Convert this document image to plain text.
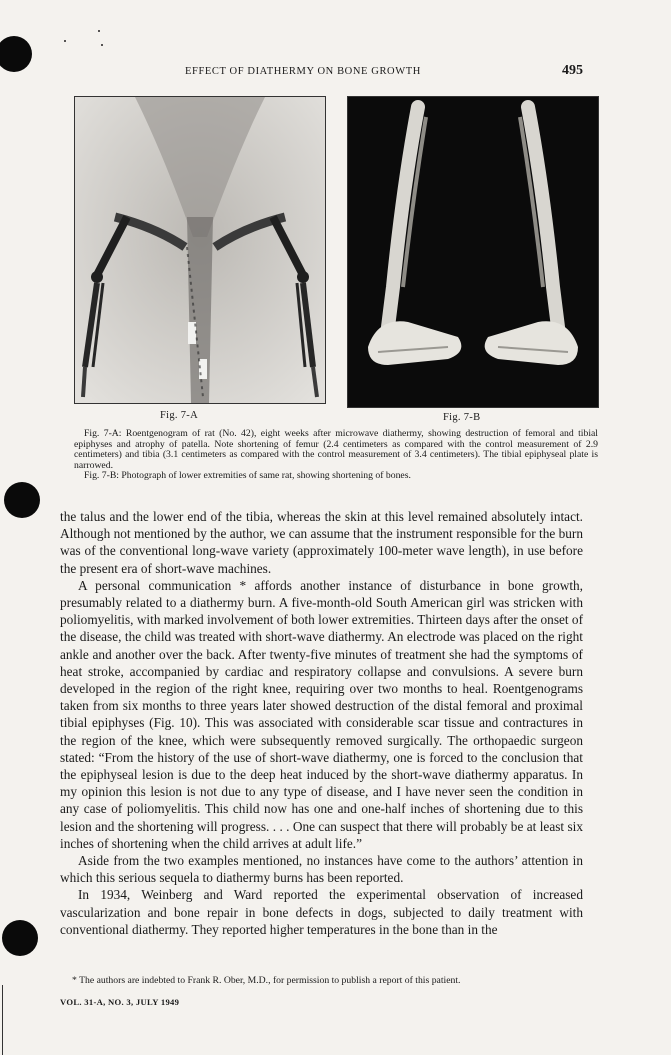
EFFECT OF DIATHERMY ON BONE GROWTH	495
Fig. 7-A	Fig. 7-B

Fig. 7-A: Roentgenogram of rat (No. 42), eight weeks after microwave diathermy, showing destruction of femoral and tibial epiphyses and atrophy of patella. Note shortening of femur (2.4 centimeters as compared with the control measurement of 2.9 centimeters) and tibia (3.1 centimeters as compared with the control measurement of 3.4 centimeters). The tibial epiphyseal plate is narrowed.

Fig. 7-B: Photograph of lower extremities of same rat, showing shortening of bones.

the talus and the lower end of the tibia, whereas the skin at this level remained absolutely intact. Although not mentioned by the author, we can assume that the instrument responsible for the burn was of the conventional long-wave variety (approximately 100-meter wave length), in use before the present era of short-wave machines.

A personal communication * affords another instance of disturbance in bone growth, presumably related to a diathermy burn. A five-month-old South American girl was stricken with poliomyelitis, with marked involvement of both lower extremities. Thirteen days after the onset of the disease, the child was treated with short-wave diathermy. An electrode was placed on the right ankle and another over the back. After twenty-five minutes of treatment she had the symptoms of heat stroke, accompanied by cardiac and respiratory collapse and convulsions. A severe burn developed in the region of the right knee, requiring over two months to heal. Roentgenograms taken from six months to three years later showed destruction of the distal femoral and proximal tibial epiphyses (Fig. 10). This was associated with considerable scar tissue and contractures in the region of the knee, which were subsequently removed surgically. The orthopaedic surgeon stated: “From the history of the use of short-wave diathermy, one is forced to the conclusion that the epiphyseal lesion is due to the deep heat induced by the short-wave diathermy apparatus. In my opinion this lesion is not due to any type of disease, and I have never seen the condition in any case of poliomyelitis. This child now has one and one-half inches of shortening due to this lesion and the shortening will progress. . . . One can suspect that there will probably be at least six inches of shortening when the child arrives at adult life.”

Aside from the two examples mentioned, no instances have come to the authors’ attention in which this serious sequela to diathermy burns has been reported.

In 1934, Weinberg and Ward reported the experimental observation of increased vascularization and bone repair in bone defects in dogs, subjected to daily treatment with conventional diathermy. They reported higher temperatures in the bone than in the

* The authors are indebted to Frank R. Ober, M.D., for permission to publish a report of this patient.
VOL. 31-A, NO. 3, JULY 1949
